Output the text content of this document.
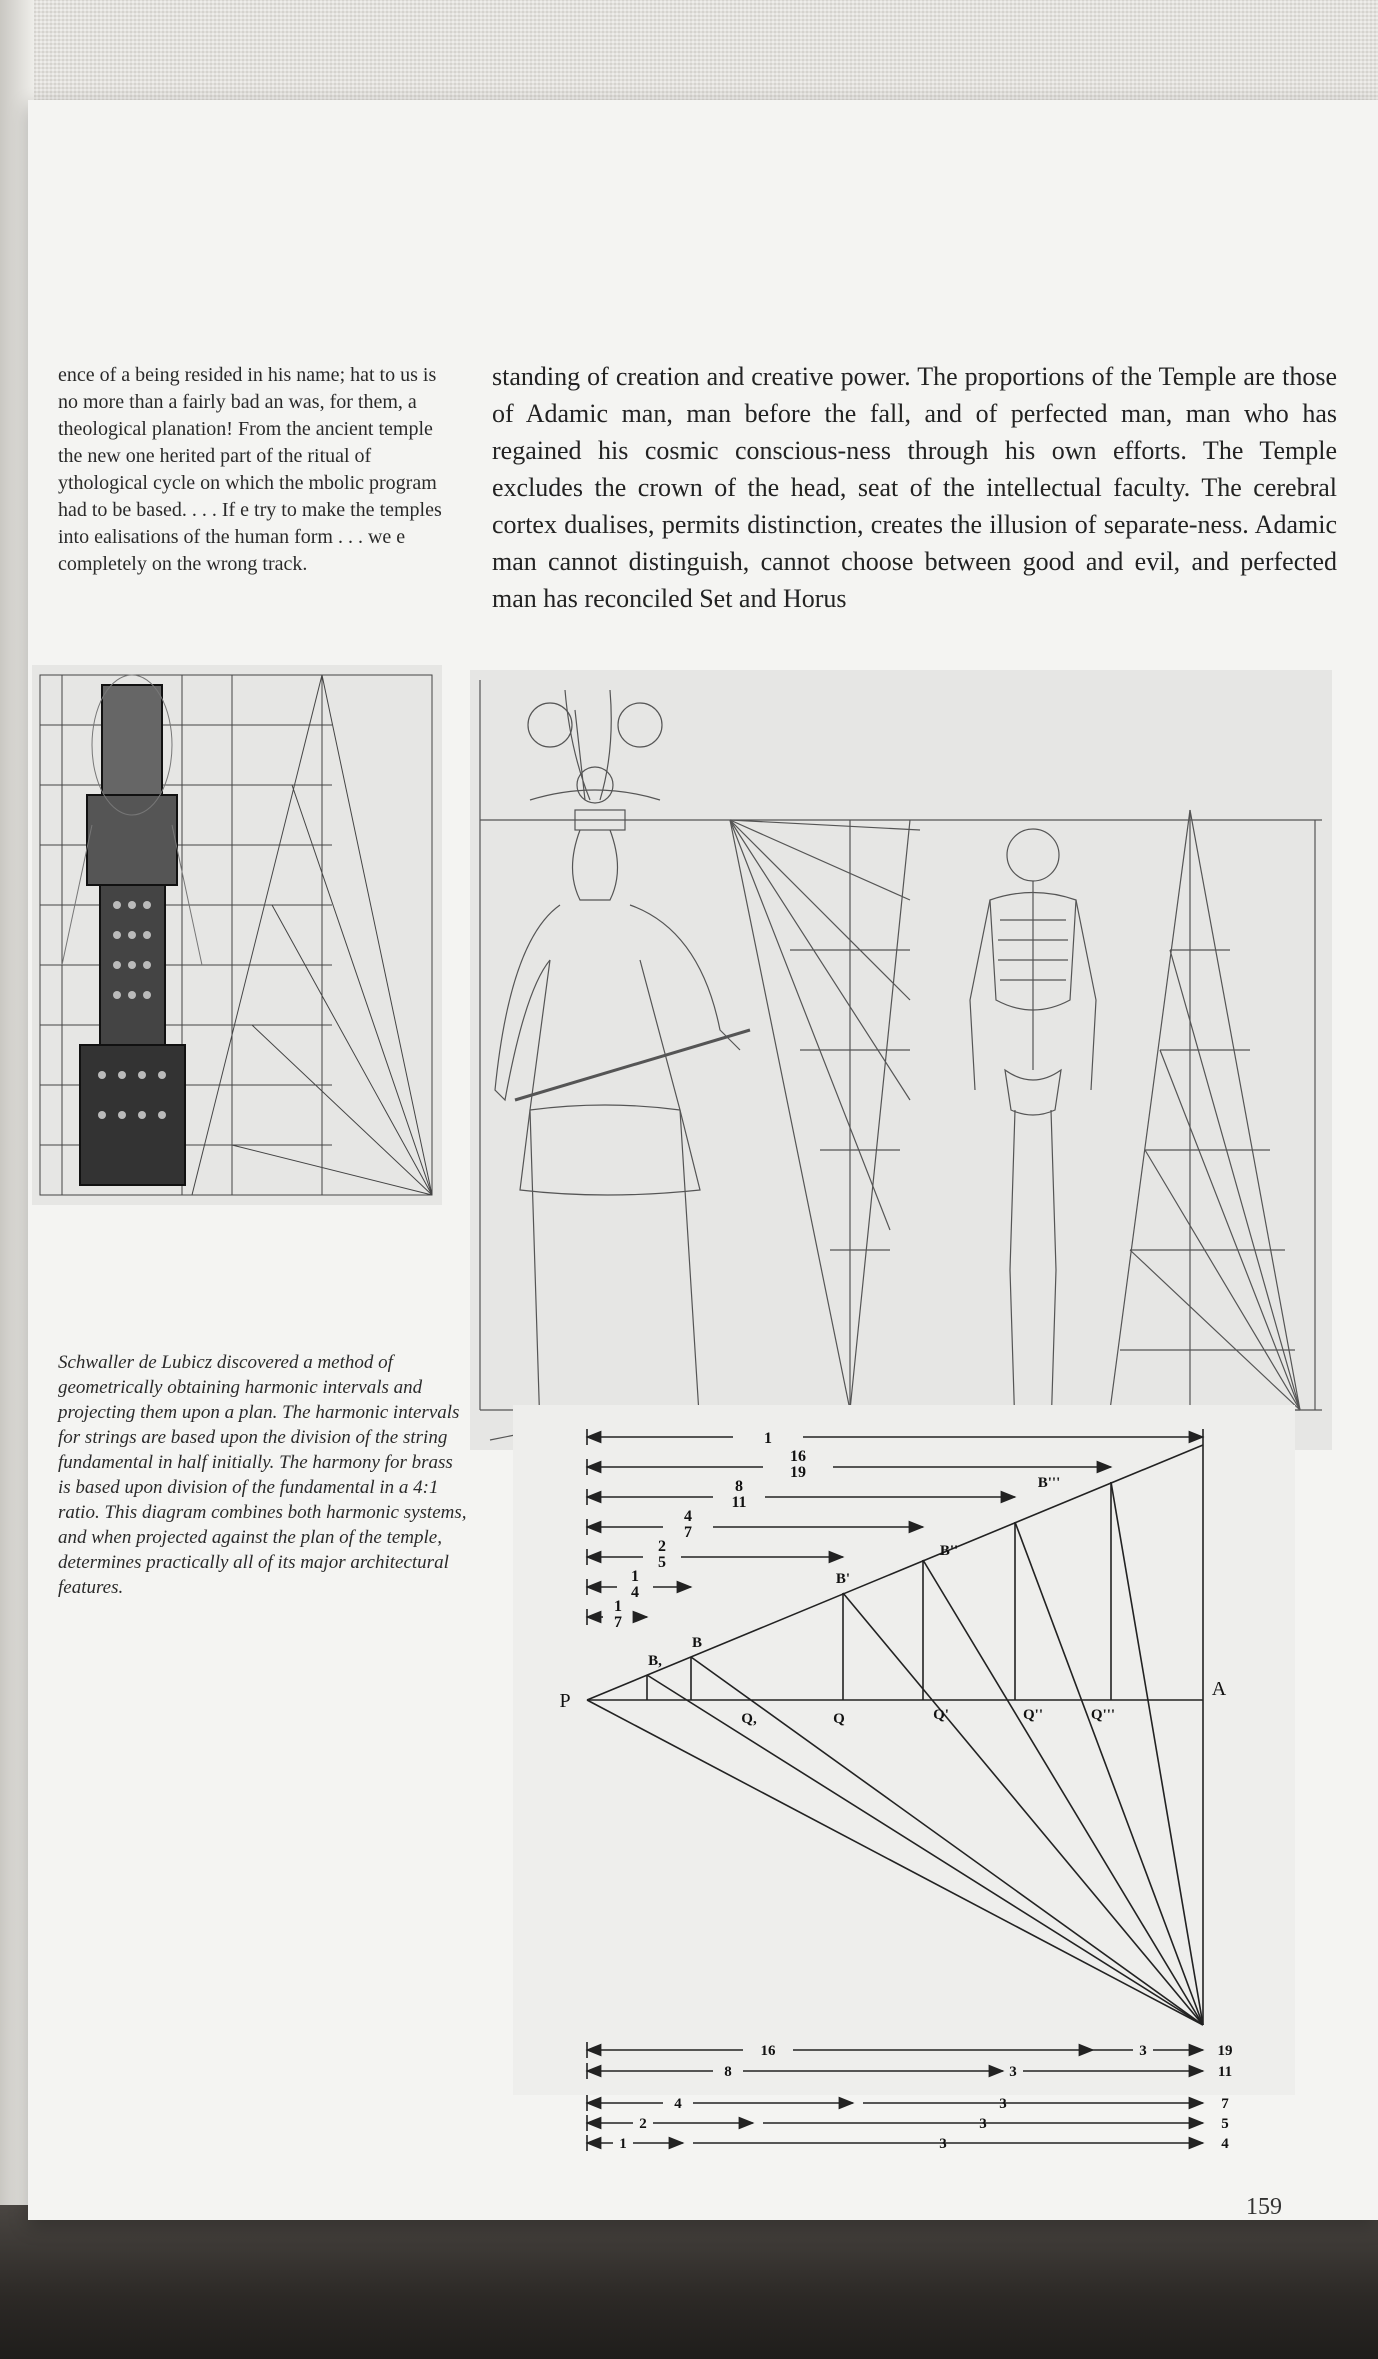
ence of a being resided in his name; hat to us is no more than a fairly bad an was, for them, a theological planation! From the ancient temple the new one herited part of the ritual of ythological cycle on which the mbolic program had to be based. . . . If e try to make the temples into ealisations of the human form . . . we e completely on the wrong track.

standing of creation and creative power. The proportions of the Temple are those of Adamic man, man before the fall, and of perfected man, man who has regained his cosmic conscious-ness through his own efforts. The Temple excludes the crown of the head, seat of the intellectual faculty. The cerebral cortex dualises, permits distinction, creates the illusion of separate-ness. Adamic man cannot distinguish, cannot choose between good and evil, and perfected man has reconciled Set and Horus

Schwaller de Lubicz discovered a method of geometrically obtaining harmonic intervals and projecting them upon a plan. The harmonic intervals for strings are based upon the division of the string fundamental in half initially. The harmony for brass is based upon division of the fundamental in a 4:1 ratio. This diagram combines both harmonic systems, and when projected against the plan of the temple, determines practically all of its major architectural features.
1
16
19
8
11
4
7
2
5
1
4
1
7
P
A
B,
B
B'
B''
B'''
Q,	Q	Q'	Q''	Q'''
16	3	19
8	3	11
4	3	7
2	3	5
1	3	4
159
